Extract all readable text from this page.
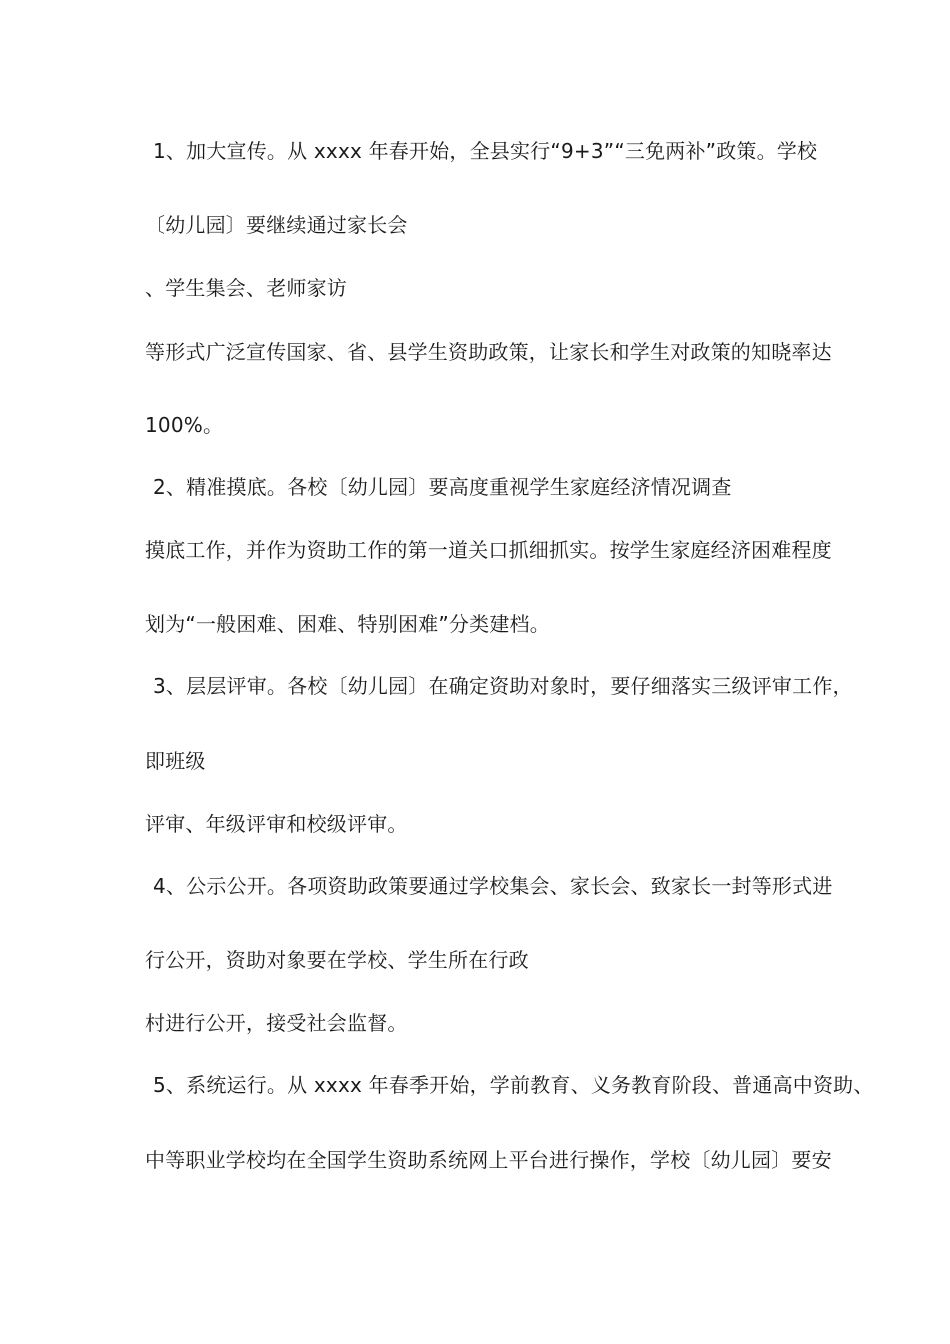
1、加大宣传。从 xxxx 年春开始，全县实行“9+3”“三免两补”政策。学校
〔幼儿园〕要继续通过家长会
、学生集会、老师家访
等形式广泛宣传国家、省、县学生资助政策，让家长和学生对政策的知晓率达
100%。
2、精准摸底。各校〔幼儿园〕要高度重视学生家庭经济情况调查
摸底工作，并作为资助工作的第一道关口抓细抓实。按学生家庭经济困难程度
划为“一般困难、困难、特别困难”分类建档。
3、层层评审。各校〔幼儿园〕在确定资助对象时，要仔细落实三级评审工作，
即班级
评审、年级评审和校级评审。
4、公示公开。各项资助政策要通过学校集会、家长会、致家长一封等形式进
行公开，资助对象要在学校、学生所在行政
村进行公开，接受社会监督。
5、系统运行。从 xxxx 年春季开始，学前教育、义务教育阶段、普通高中资助、
中等职业学校均在全国学生资助系统网上平台进行操作，学校〔幼儿园〕要安
